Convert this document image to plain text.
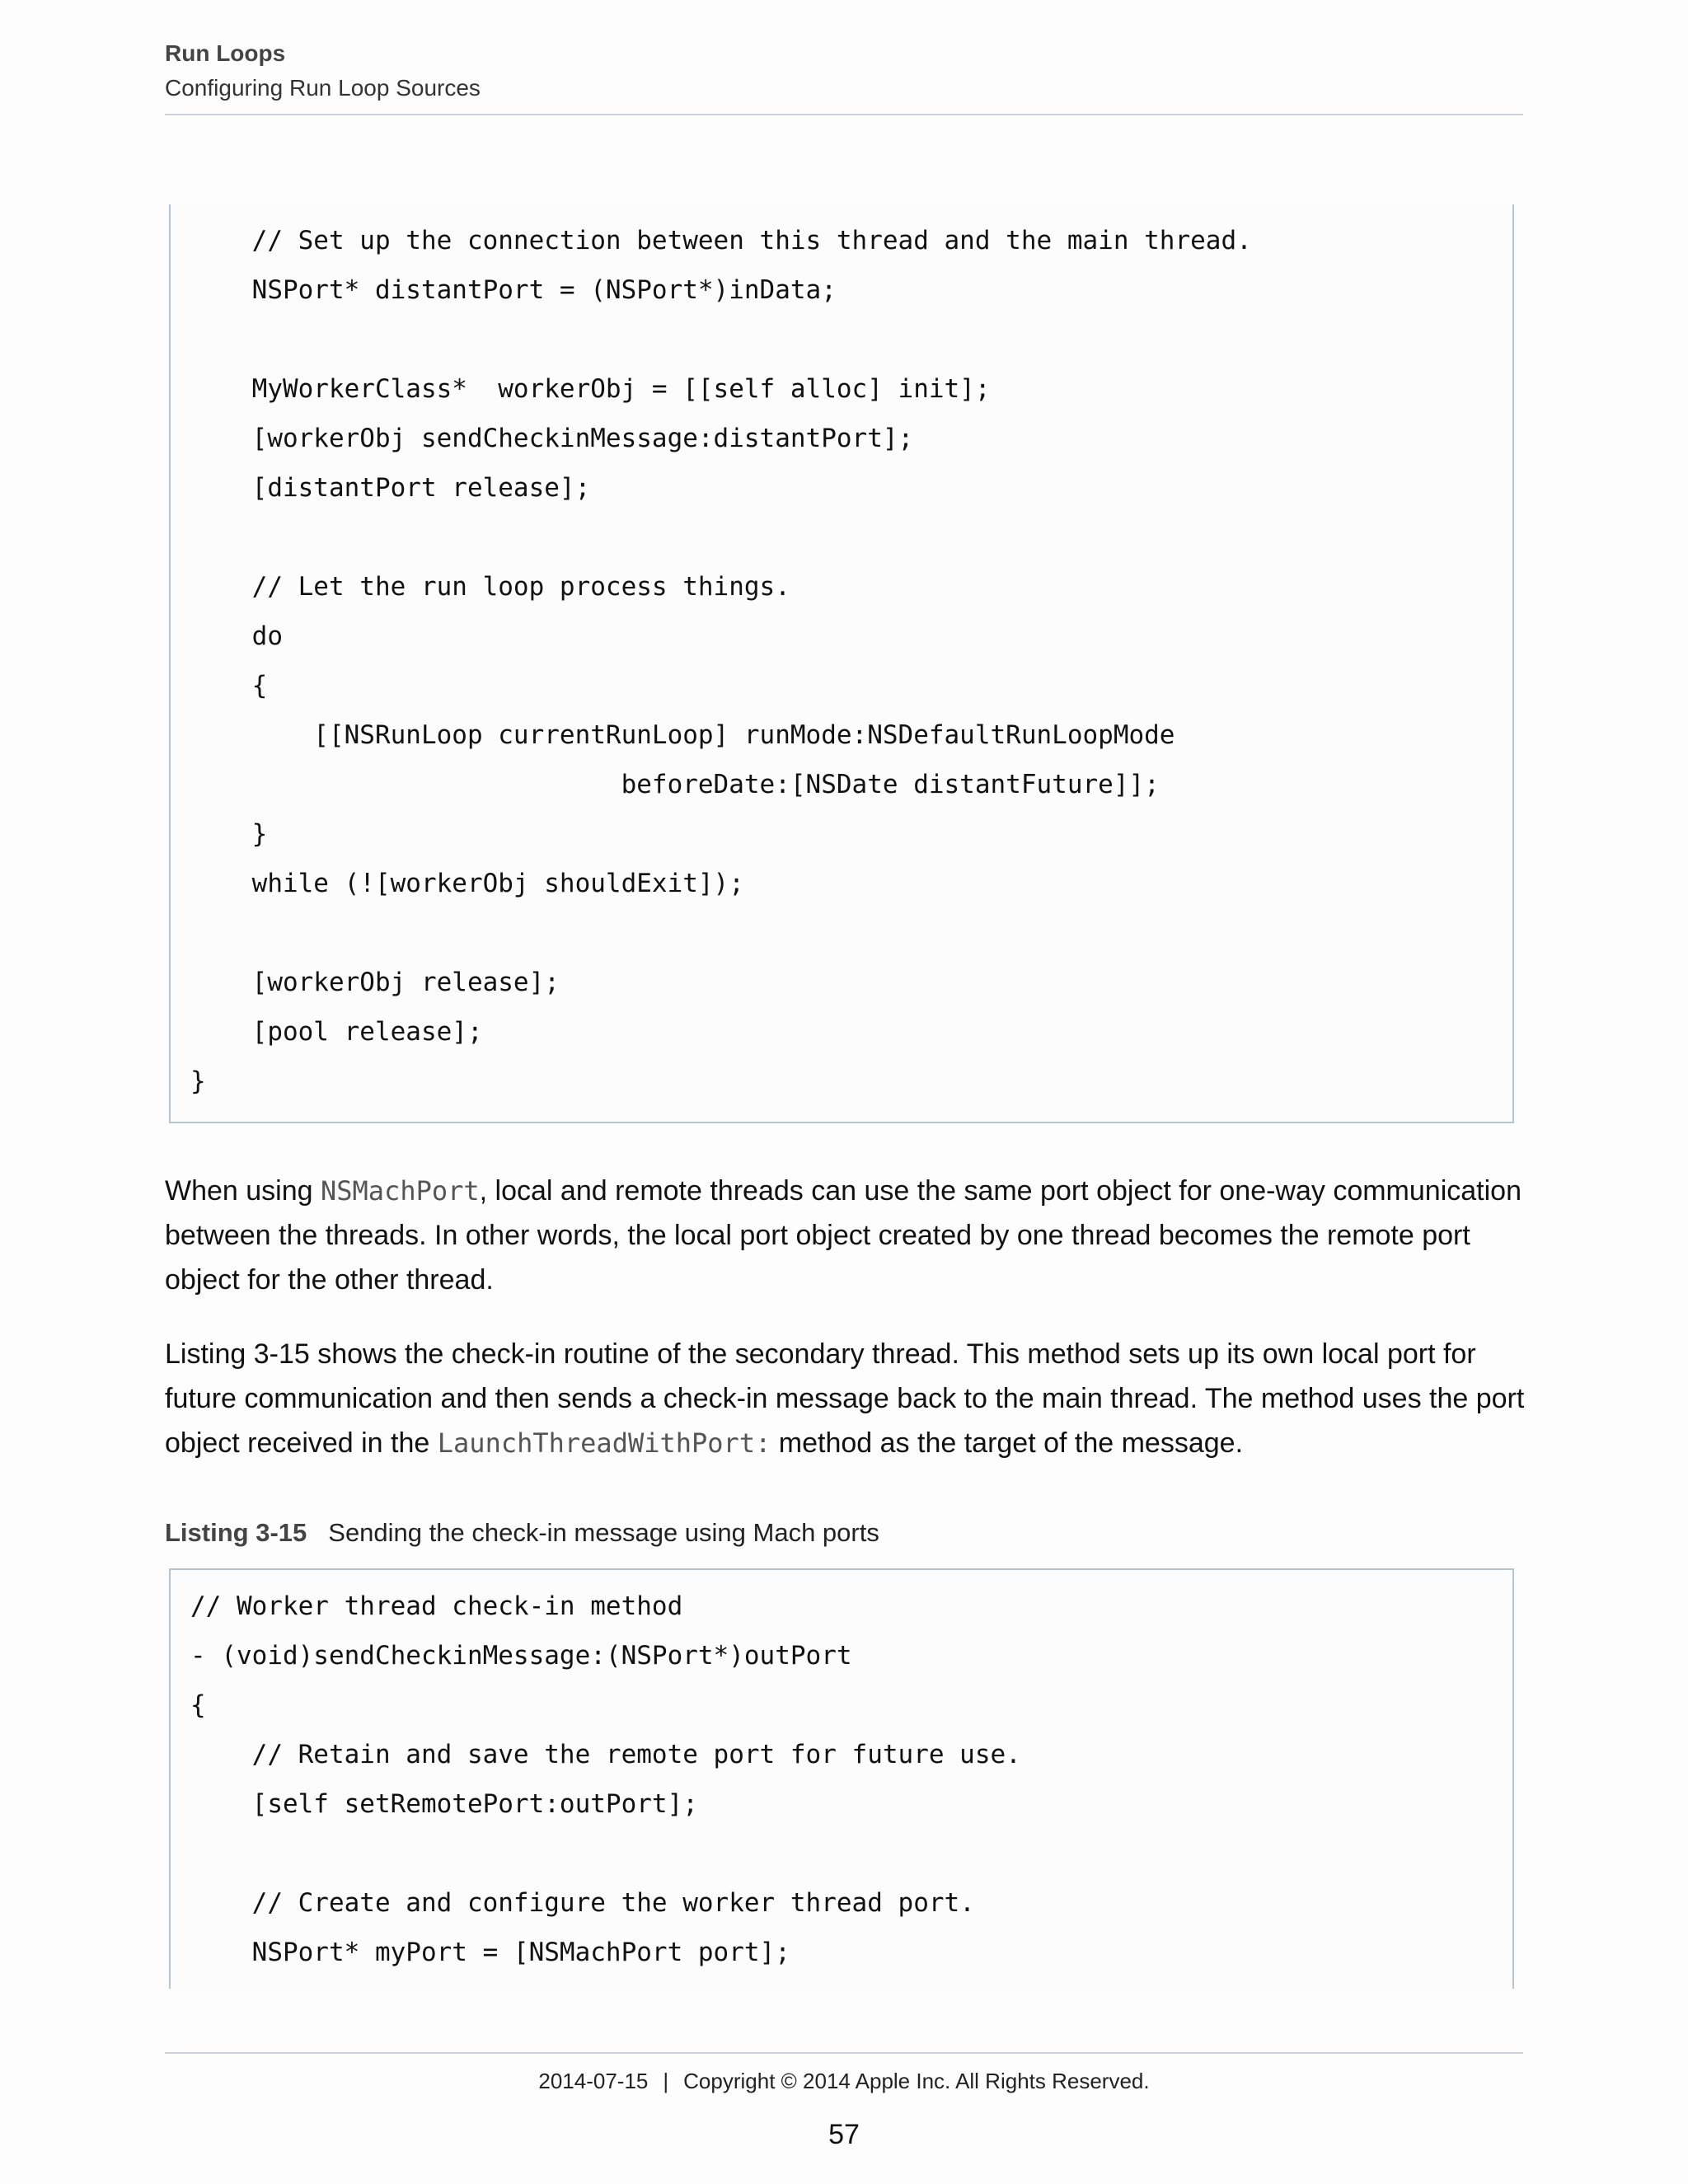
Run Loops
Configuring Run Loop Sources
// Set up the connection between this thread and the main thread.
NSPort* distantPort = (NSPort*)inData;
MyWorkerClass*  workerObj = [[self alloc] init];
[workerObj sendCheckinMessage:distantPort];
[distantPort release];
// Let the run loop process things.
do
{
[[NSRunLoop currentRunLoop] runMode:NSDefaultRunLoopMode
beforeDate:[NSDate distantFuture]];
}
while (![workerObj shouldExit]);
[workerObj release];
[pool release];
}
When using NSMachPort, local and remote threads can use the same port object for one-way communication between the threads. In other words, the local port object created by one thread becomes the remote port object for the other thread.
Listing 3-15 shows the check-in routine of the secondary thread. This method sets up its own local port for future communication and then sends a check-in message back to the main thread. The method uses the port object received in the LaunchThreadWithPort: method as the target of the message.
Listing 3-15 Sending the check-in message using Mach ports
// Worker thread check-in method
- (void)sendCheckinMessage:(NSPort*)outPort
{
// Retain and save the remote port for future use.
[self setRemotePort:outPort];
// Create and configure the worker thread port.
NSPort* myPort = [NSMachPort port];
2014-07-15 | Copyright © 2014 Apple Inc. All Rights Reserved.
57
